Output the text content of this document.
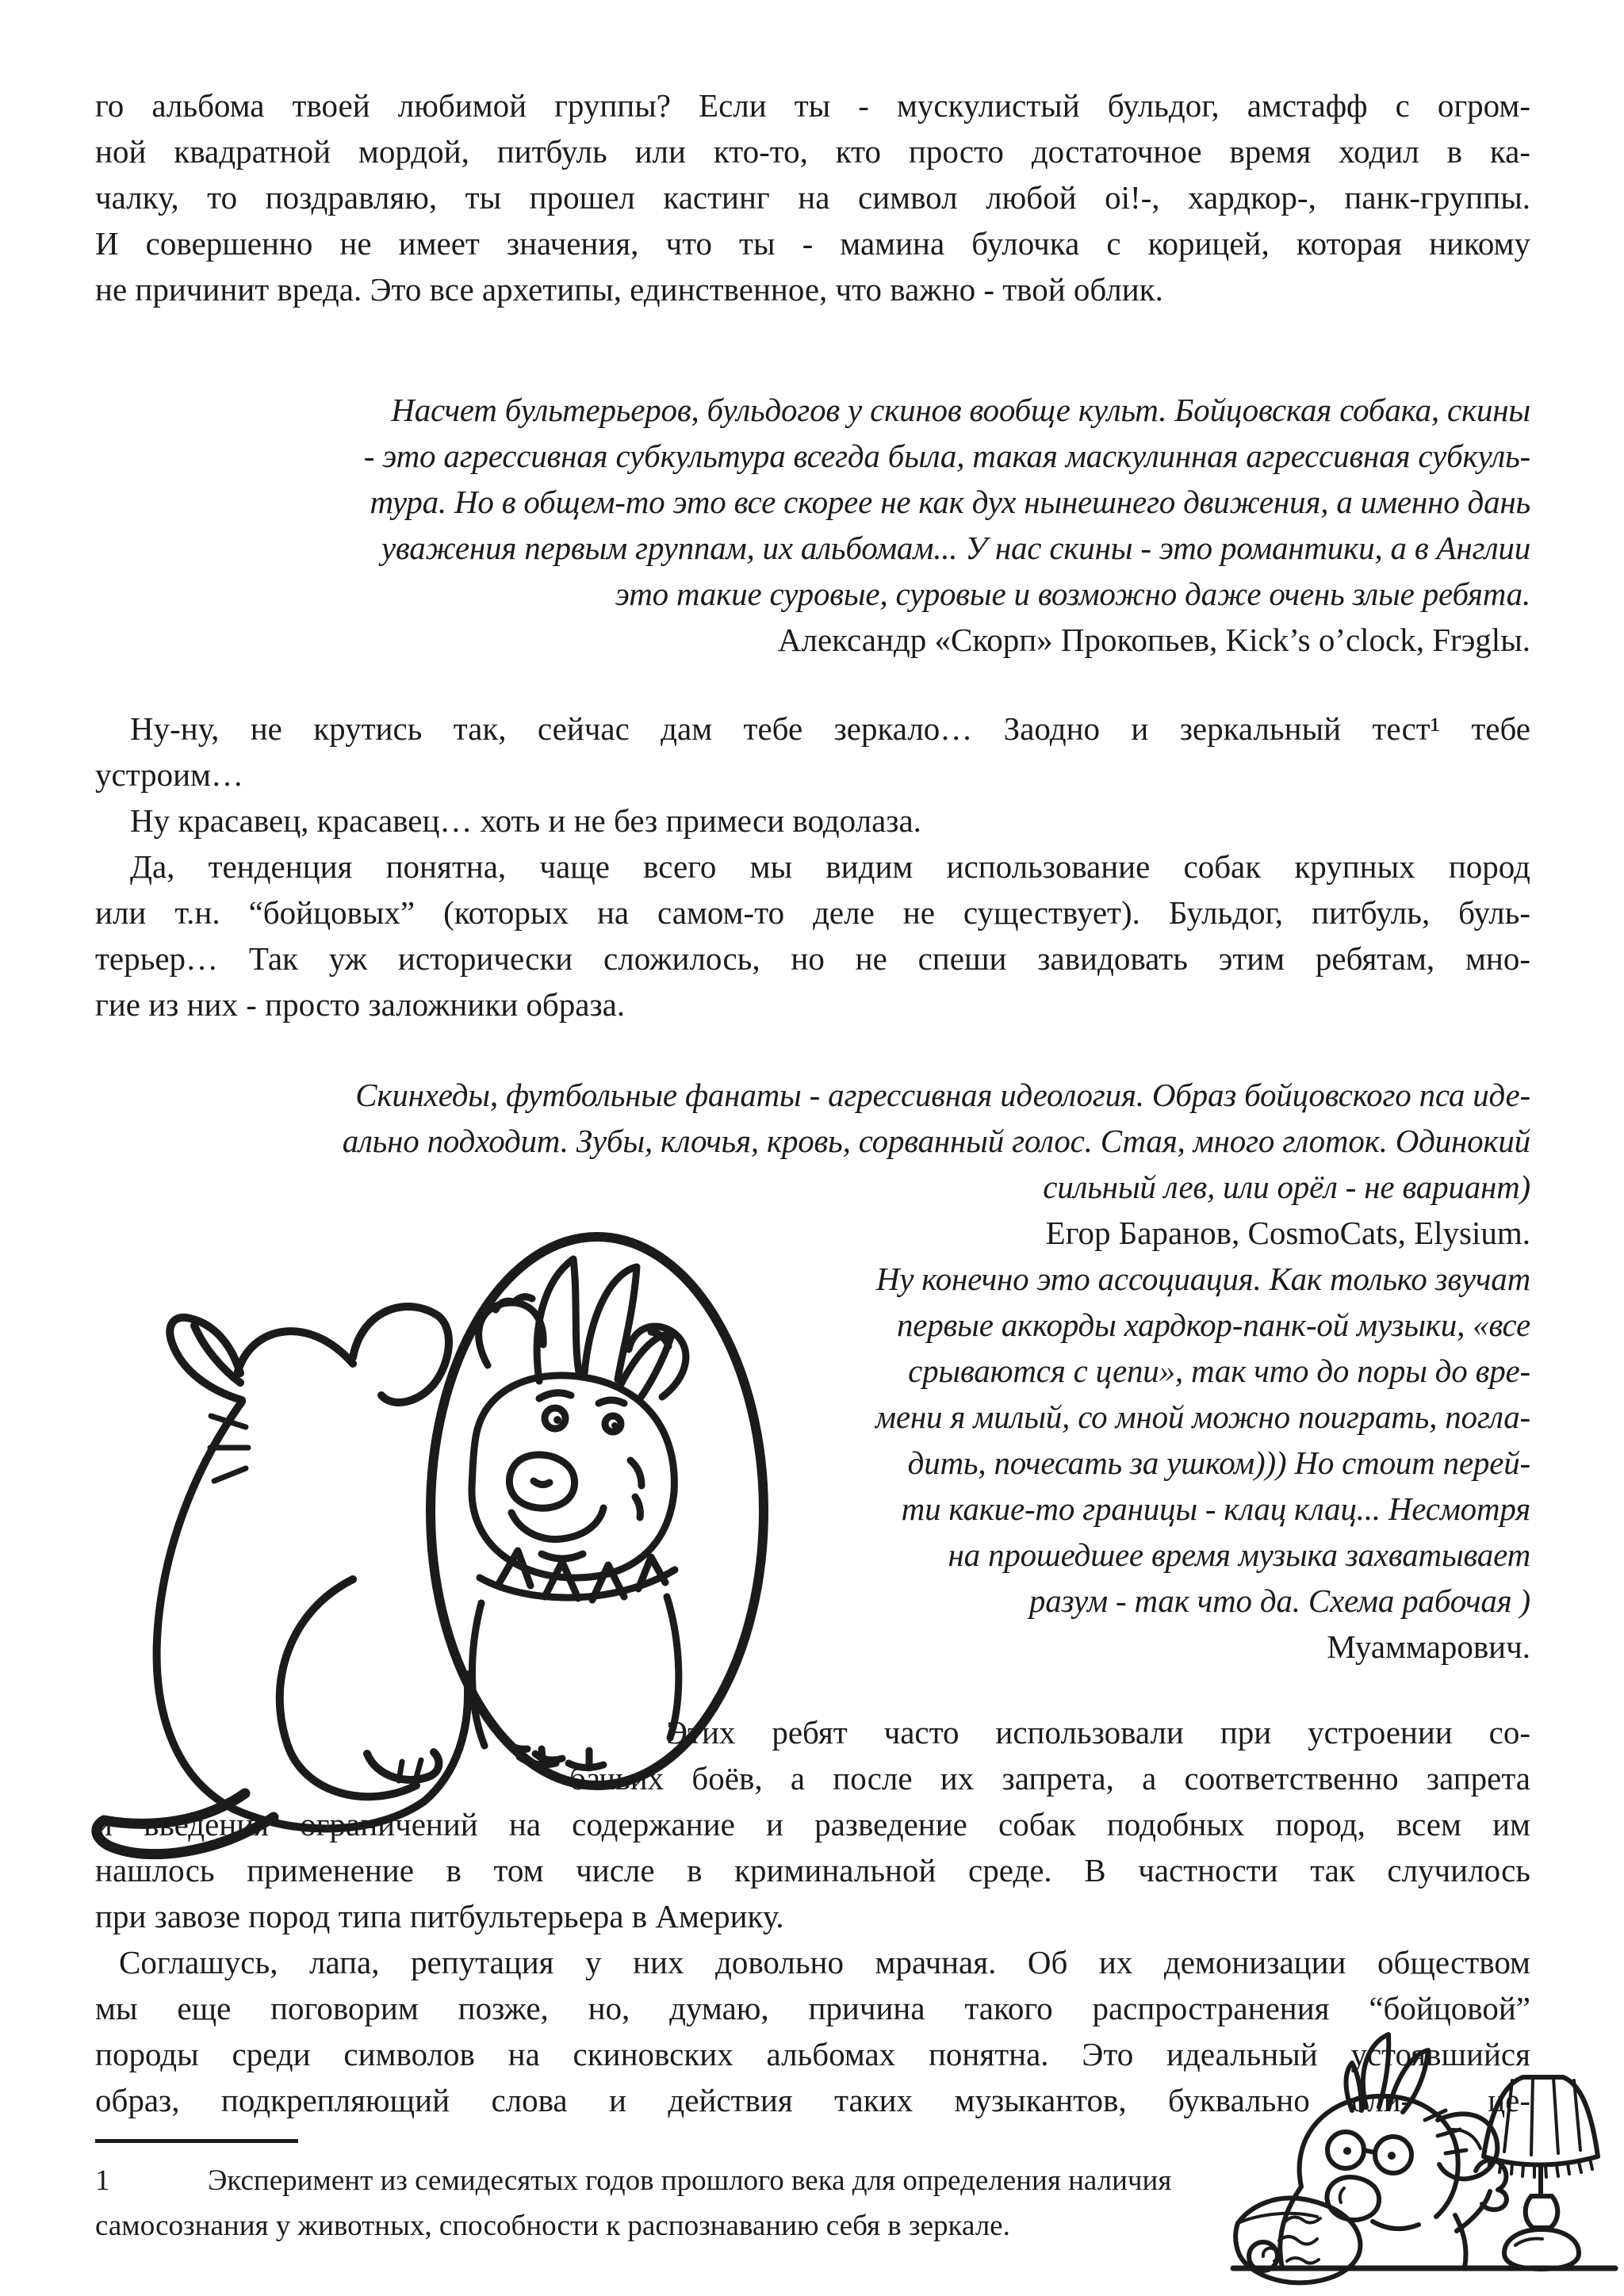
го альбома твоей любимой группы? Если ты - мускулистый бульдог, амстафф с огром-
ной квадратной мордой, питбуль или кто-то, кто просто достаточное время ходил в ка-
чалку, то поздравляю, ты прошел кастинг на символ любой oi!-, хардкор-, панк-группы.
И совершенно не имеет значения, что ты - мамина булочка с корицей, которая никому
не причинит вреда. Это все архетипы, единственное, что важно - твой облик.
Насчет бультерьеров, бульдогов у скинов вообще культ. Бойцовская собака, скины
- это агрессивная субкультура всегда была, такая маскулинная агрессивная субкуль-
тура. Но в общем-то это все скорее не как дух нынешнего движения, а именно дань
уважения первым группам, их альбомам... У нас скины - это романтики, а в Англии
это такие суровые, суровые и возможно даже очень злые ребята.
Александр «Скорп» Прокопьев, Kick’s o’clock, Frэglы.
Ну-ну, не крутись так, сейчас дам тебе зеркало… Заодно и зеркальный тест¹ тебе
устроим…
Ну красавец, красавец… хоть и не без примеси водолаза.
Да, тенденция понятна, чаще всего мы видим использование собак крупных пород
или т.н. “бойцовых” (которых на самом-то деле не существует). Бульдог, питбуль, буль-
терьер… Так уж исторически сложилось, но не спеши завидовать этим ребятам, мно-
гие из них - просто заложники образа.
Скинхеды, футбольные фанаты - агрессивная идеология. Образ бойцовского пса иде-
ально подходит. Зубы, клочья, кровь, сорванный голос. Стая, много глоток. Одинокий
сильный лев, или орёл - не вариант)
Егор Баранов, CosmoCats, Elysium.
Ну конечно это ассоциация. Как только звучат
первые аккорды хардкор-панк-ой музыки, «все
срываются с цепи», так что до поры до вре-
мени я милый, со мной можно поиграть, погла-
дить, почесать за ушком))) Но стоит перей-
ти какие-то границы - клац клац... Несмотря
на прошедшее время музыка захватывает
разум - так что да. Схема рабочая )
Муаммарович.
Этих ребят часто использовали при устроении со-
бачьих боёв, а после их запрета, а соответственно запрета
и введения ограничений на содержание и разведение собак подобных пород, всем им
нашлось применение в том числе в криминальной среде. В частности так случилось
при завозе пород типа питбультерьера в Америку.
Соглашусь, лапа, репутация у них довольно мрачная. Об их демонизации обществом
мы еще поговорим позже, но, думаю, причина такого распространения “бойцовой”
породы среди символов на скиновских альбомах понятна. Это идеальный устоявшийся
образ, подкрепляющий слова и действия таких музыкантов, буквально оли- це-
1	Эксперимент из семидесятых годов прошлого века для определения наличия
самосознания у животных, способности к распознаванию себя в зеркале.
